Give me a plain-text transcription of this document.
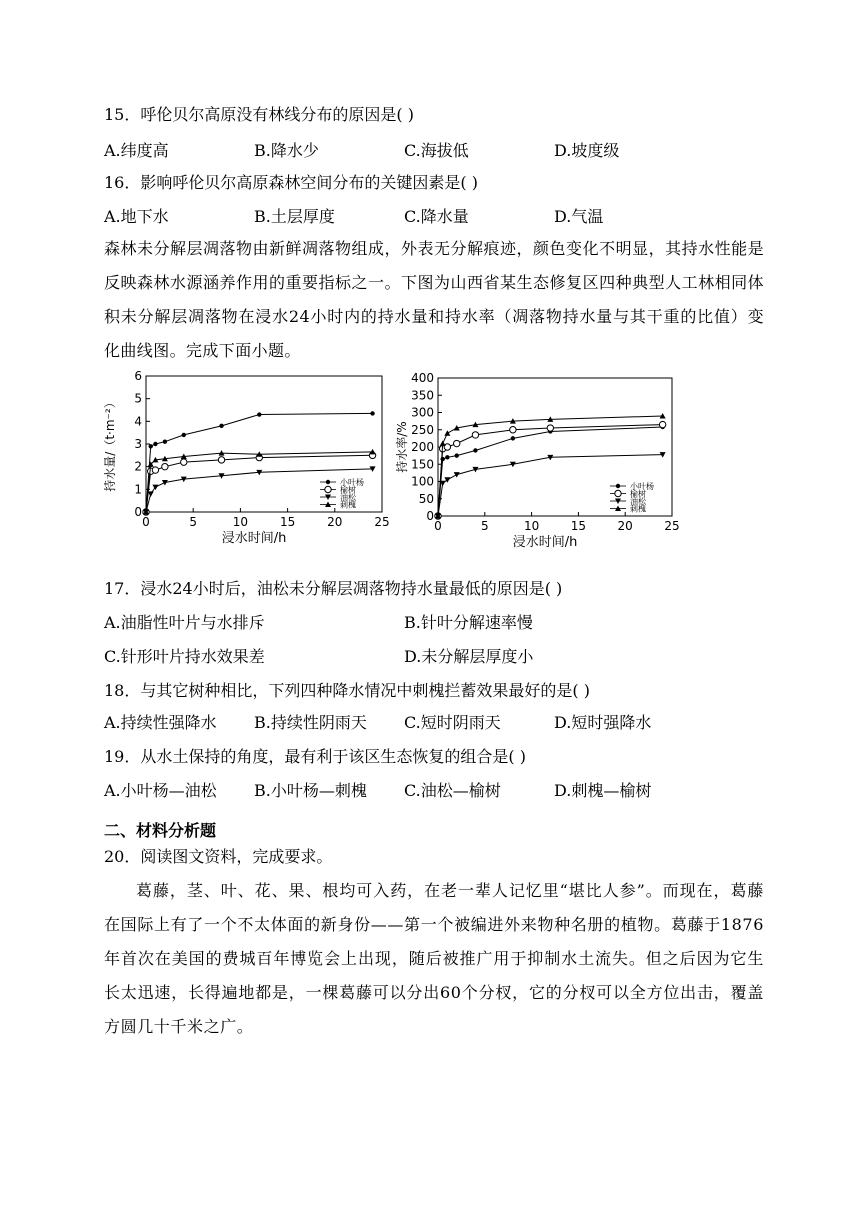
15．呼伦贝尔高原没有林线分布的原因是( )
A.纬度高	B.降水少	C.海拔低	D.坡度级
16．影响呼伦贝尔高原森林空间分布的关键因素是( )
A.地下水	B.土层厚度	C.降水量	D.气温
森林未分解层凋落物由新鲜凋落物组成，外表无分解痕迹，颜色变化不明显，其持水性能是反映森林水源涵养作用的重要指标之一。下图为山西省某生态修复区四种典型人工林相同体积未分解层凋落物在浸水24小时内的持水量和持水率（凋落物持水量与其干重的比值）变化曲线图。完成下面小题。
0
1
2
3
4
5
6
0	5	10	15	20	25
浸水时间/h
持水量/（t·m⁻²）	小叶杨
榆树
油松
刺槐
0
50
100
150
200
250
300
350
400
0	5	10	15	20	25
浸水时间/h
持水率/%
小叶杨
榆树
油松
刺槐
17．浸水24小时后，油松未分解层凋落物持水量最低的原因是( )
A.油脂性叶片与水排斥	B.针叶分解速率慢
C.针形叶片持水效果差	D.未分解层厚度小
18．与其它树种相比，下列四种降水情况中刺槐拦蓄效果最好的是( )
A.持续性强降水 B.持续性阴雨天 C.短时阴雨天	D.短时强降水
19．从水土保持的角度，最有利于该区生态恢复的组合是( )
A.小叶杨—油松 B.小叶杨—刺槐 C.油松—榆树	D.刺槐—榆树
二、材料分析题
20．阅读图文资料，完成要求。
葛藤，茎、叶、花、果、根均可入药，在老一辈人记忆里“堪比人参”。而现在，葛藤在国际上有了一个不太体面的新身份——第一个被编进外来物种名册的植物。葛藤于1876年首次在美国的费城百年博览会上出现，随后被推广用于抑制水土流失。但之后因为它生长太迅速，长得遍地都是，一棵葛藤可以分出60个分杈，它的分杈可以全方位出击，覆盖方圆几十千米之广。
